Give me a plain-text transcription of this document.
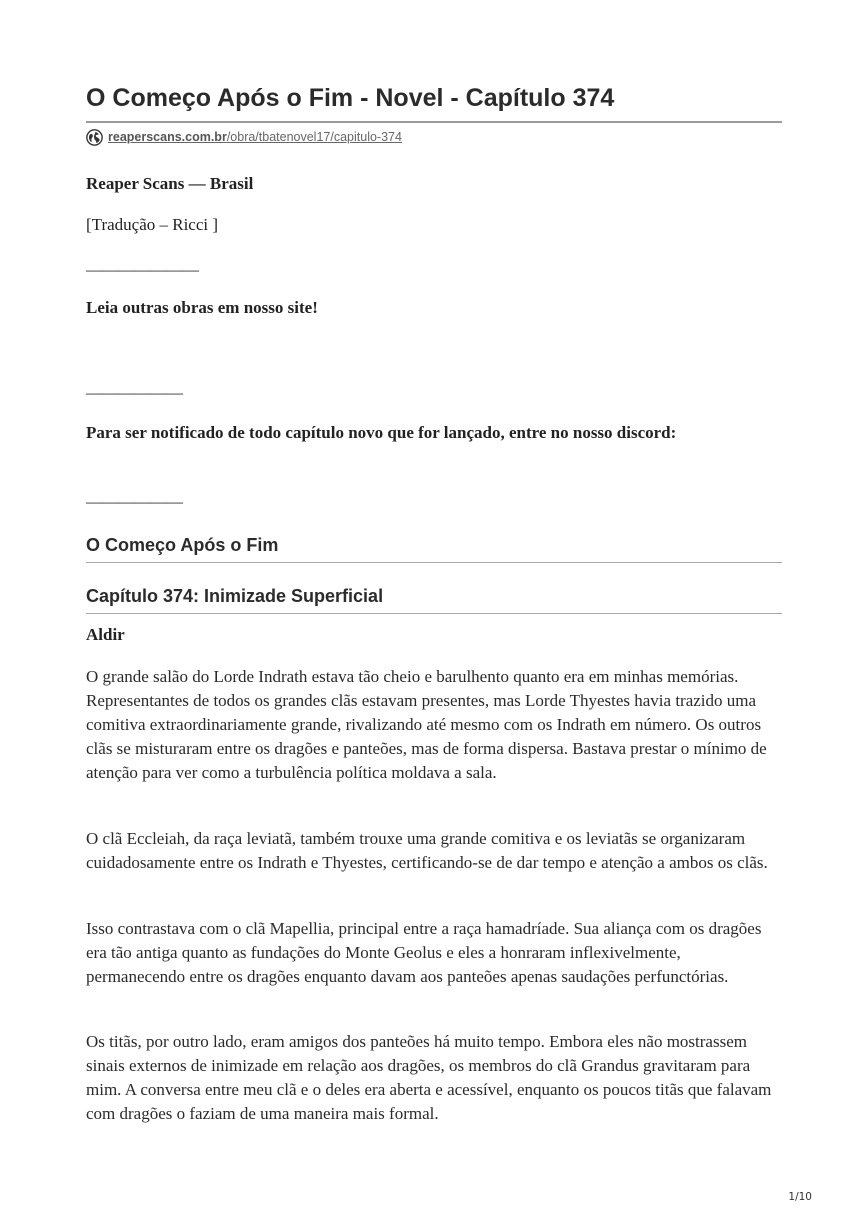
O Começo Após o Fim - Novel - Capítulo 374
reaperscans.com.br/obra/tbatenovel17/capitulo-374

Reaper Scans — Brasil

[Tradução – Ricci ]

———————

Leia outras obras em nosso site!

——————

Para ser notificado de todo capítulo novo que for lançado, entre no nosso discord:

——————
O Começo Após o Fim
Capítulo 374: Inimizade Superficial

Aldir

O grande salão do Lorde Indrath estava tão cheio e barulhento quanto era em minhas memórias. Representantes de todos os grandes clãs estavam presentes, mas Lorde Thyestes havia trazido uma comitiva extraordinariamente grande, rivalizando até mesmo com os Indrath em número. Os outros clãs se misturaram entre os dragões e panteões, mas de forma dispersa. Bastava prestar o mínimo de atenção para ver como a turbulência política moldava a sala.

O clã Eccleiah, da raça leviatã, também trouxe uma grande comitiva e os leviatãs se organizaram cuidadosamente entre os Indrath e Thyestes, certificando-se de dar tempo e atenção a ambos os clãs.

Isso contrastava com o clã Mapellia, principal entre a raça hamadríade. Sua aliança com os dragões era tão antiga quanto as fundações do Monte Geolus e eles a honraram inflexivelmente, permanecendo entre os dragões enquanto davam aos panteões apenas saudações perfunctórias.

Os titãs, por outro lado, eram amigos dos panteões há muito tempo. Embora eles não mostrassem sinais externos de inimizade em relação aos dragões, os membros do clã Grandus gravitaram para mim. A conversa entre meu clã e o deles era aberta e acessível, enquanto os poucos titãs que falavam com dragões o faziam de uma maneira mais formal.

1/10
